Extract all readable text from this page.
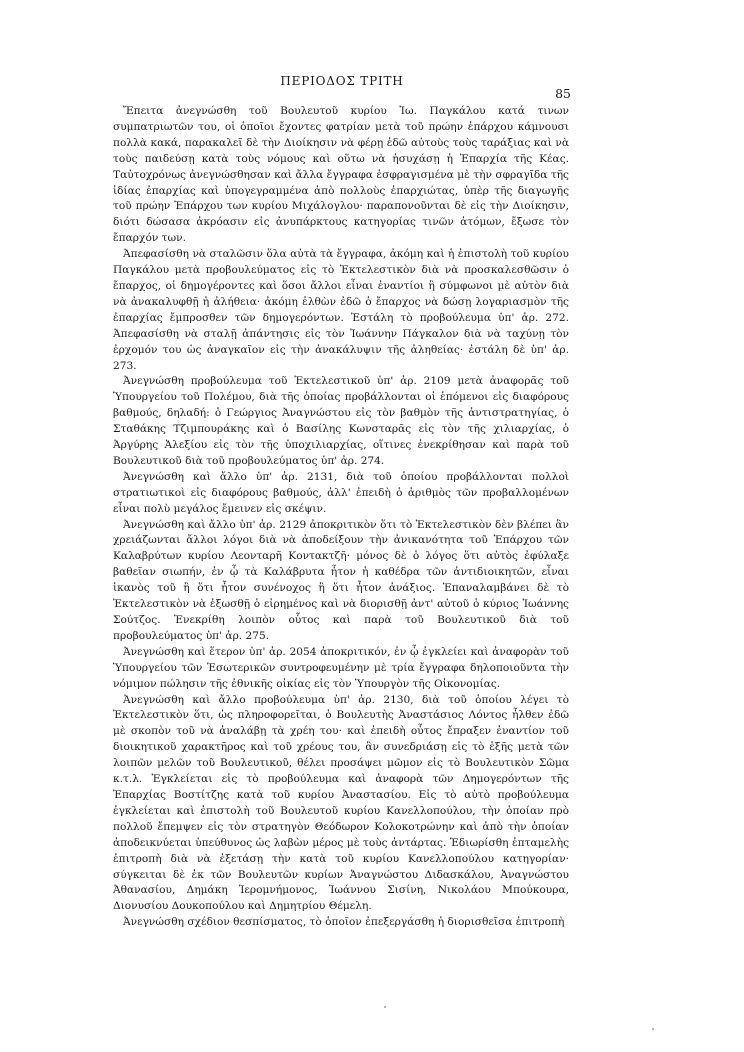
ΠΕΡΙΟΔΟΣ ΤΡΙΤΗ
85

Ἔπειτα ἀνεγνώσθη τοῦ Βουλευτοῦ κυρίου Ἰω. Παγκάλου κατά τινων συμπατριωτῶν του, οἱ ὁποῖοι ἔχοντες φατρίαν μετὰ τοῦ πρώην ἐπάρχου κάμνουσι πολλὰ κακά, παρακαλεῖ δὲ τὴν Διοίκησιν νὰ φέρῃ ἐδῶ αὐτοὺς τοὺς ταράξιας καὶ νὰ τοὺς παιδεύσῃ κατὰ τοὺς νόμους καὶ οὕτω νὰ ἡσυχάσῃ ἡ Ἐπαρχία τῆς Κέας. Ταὐτοχρόνως ἀνεγνώσθησαν καὶ ἄλλα ἔγγραφα ἐσφραγισμένα μὲ τὴν σφραγῖδα τῆς ἰδίας ἐπαρχίας καὶ ὑπογεγραμμένα ἀπὸ πολλοὺς ἐπαρχιώτας, ὑπὲρ τῆς διαγωγῆς τοῦ πρώην Ἐπάρχου των κυρίου Μιχάλογλου· παραπονοῦνται δὲ εἰς τὴν Διοίκησιν, διότι δώσασα ἀκρόασιν εἰς ἀνυπάρκτους κατηγορίας τινῶν ἀτόμων, ἔξωσε τὸν ἔπαρχόν των.

Ἀπεφασίσθη νὰ σταλῶσιν ὅλα αὐτὰ τὰ ἔγγραφα, ἀκόμη καὶ ἡ ἐπιστολὴ τοῦ κυρίου Παγκάλου μετὰ προβουλεύματος εἰς τὸ Ἐκτελεστικὸν διὰ νὰ προσκαλεσθῶσιν ὁ ἔπαρχος, οἱ δημογέροντες καὶ ὅσοι ἄλλοι εἶναι ἐναντίοι ἢ σύμφωνοι μὲ αὐτὸν διὰ νὰ ἀνακαλυφθῇ ἡ ἀλήθεια· ἀκόμη ἐλθὼν ἐδῶ ὁ ἔπαρχος νὰ δώσῃ λογαριασμὸν τῆς ἐπαρχίας ἔμπροσθεν τῶν δημογερόντων. Ἐστάλη τὸ προβούλευμα ὑπ' ἀρ. 272. Ἀπεφασίσθη νὰ σταλῇ ἀπάντησις εἰς τὸν Ἰωάννην Πάγκαλον διὰ νὰ ταχύνῃ τὸν ἐρχομόν του ὡς ἀναγκαῖον εἰς τὴν ἀνακάλυψιν τῆς ἀληθείας· ἐστάλη δὲ ὑπ' ἀρ. 273.

Ἀνεγνώσθη προβούλευμα τοῦ Ἐκτελεστικοῦ ὑπ' ἀρ. 2109 μετὰ ἀναφορᾶς τοῦ Ὑπουργείου τοῦ Πολέμου, διὰ τῆς ὁποίας προβάλλονται οἱ ἑπόμενοι εἰς διαφόρους βαθμούς, δηλαδή: ὁ Γεώργιος Ἀναγνώστου εἰς τὸν βαθμὸν τῆς ἀντιστρατηγίας, ὁ Σταθάκης Τζιμπουράκης καὶ ὁ Βασίλης Κωνσταρᾶς εἰς τὸν τῆς χιλιαρχίας, ὁ Ἀργύρης Ἀλεξίου εἰς τὸν τῆς ὑποχιλιαρχίας, οἵτινες ἐνεκρίθησαν καὶ παρὰ τοῦ Βουλευτικοῦ διὰ τοῦ προβουλεύματος ὑπ' ἀρ. 274.

Ἀνεγνώσθη καὶ ἄλλο ὑπ' ἀρ. 2131, διὰ τοῦ ὁποίου προβάλλονται πολλοὶ στρατιωτικοὶ εἰς διαφόρους βαθμούς, ἀλλ' ἐπειδὴ ὁ ἀριθμὸς τῶν προβαλλομένων εἶναι πολὺ μεγάλος ἔμεινεν εἰς σκέψιν.

Ἀνεγνώσθη καὶ ἄλλο ὑπ' ἀρ. 2129 ἀποκριτικὸν ὅτι τὸ Ἐκτελεστικὸν δὲν βλέπει ἂν χρειάζωνται ἄλλοι λόγοι διὰ νὰ ἀποδείξουν τὴν ἀνικανότητα τοῦ Ἐπάρχου τῶν Καλαβρύτων κυρίου Λεονταρῆ Κοντακτζῆ· μόνος δὲ ὁ λόγος ὅτι αὐτὸς ἐφύλαξε βαθεῖαν σιωπήν, ἐν ᾧ τὰ Καλάβρυτα ἦτον ἡ καθέδρα τῶν ἀντιδιοικητῶν, εἶναι ἱκανὸς τοῦ ἢ ὅτι ἦτον συνένοχος ἢ ὅτι ἦτον ἀνάξιος. Ἐπαναλαμβάνει δὲ τὸ Ἐκτελεστικὸν νὰ ἐξωσθῇ ὁ εἰρημένος καὶ νὰ διορισθῇ ἀντ' αὐτοῦ ὁ κύριος Ἰωάννης Σούτζος. Ἐνεκρίθη λοιπὸν οὗτος καὶ παρὰ τοῦ Βουλευτικοῦ διὰ τοῦ προβουλεύματος ὑπ' ἀρ. 275.

Ἀνεγνώσθη καὶ ἕτερον ὑπ' ἀρ. 2054 ἀποκριτικόν, ἐν ᾧ ἐγκλείει καὶ ἀναφορὰν τοῦ Ὑπουργείου τῶν Ἐσωτερικῶν συντροφευμένην μὲ τρία ἔγγραφα δηλοποιοῦντα τὴν νόμιμον πώλησιν τῆς ἐθνικῆς οἰκίας εἰς τὸν Ὑπουργὸν τῆς Οἰκονομίας.

Ἀνεγνώσθη καὶ ἄλλο προβούλευμα ὑπ' ἀρ. 2130, διὰ τοῦ ὁποίου λέγει τὸ Ἐκτελεστικὸν ὅτι, ὡς πληροφορεῖται, ὁ Βουλευτὴς Ἀναστάσιος Λόντος ἦλθεν ἐδῶ μὲ σκοπὸν τοῦ νὰ ἀναλάβῃ τὰ χρέη του· καὶ ἐπειδὴ οὗτος ἔπραξεν ἐναντίον τοῦ διοικητικοῦ χαρακτῆρος καὶ τοῦ χρέους του, ἂν συνεδριάσῃ εἰς τὸ ἑξῆς μετὰ τῶν λοιπῶν μελῶν τοῦ Βουλευτικοῦ, θέλει προσάψει μῶμον εἰς τὸ Βουλευτικὸν Σῶμα κ.τ.λ. Ἐγκλείεται εἰς τὸ προβούλευμα καὶ ἀναφορὰ τῶν Δημογερόντων τῆς Ἐπαρχίας Βοστίτζης κατὰ τοῦ κυρίου Ἀναστασίου. Εἰς τὸ αὐτὸ προβούλευμα ἐγκλείεται καὶ ἐπιστολὴ τοῦ Βουλευτοῦ κυρίου Κανελλοπούλου, τὴν ὁποίαν πρὸ πολλοῦ ἔπεμψεν εἰς τὸν στρατηγὸν Θεόδωρον Κολοκοτρώνην καὶ ἀπὸ τὴν ὁποίαν ἀποδεικνύεται ὑπεύθυνος ὡς λαβὼν μέρος μὲ τοὺς ἀντάρτας. Ἐδιωρίσθη ἐπταμελὴς ἐπιτροπὴ διὰ νὰ ἐξετάσῃ τὴν κατὰ τοῦ κυρίου Κανελλοπούλου κατηγορίαν· σύγκειται δὲ ἐκ τῶν Βουλευτῶν κυρίων Ἀναγνώστου Διδασκάλου, Ἀναγνώστου Ἀθανασίου, Δημάκη Ἱερομνήμονος, Ἰωάννου Σισίνη, Νικολάου Μπούκουρα, Διονυσίου Δουκοπούλου καὶ Δημητρίου Θέμελη.

Ἀνεγνώσθη σχέδιον θεσπίσματος, τὸ ὁποῖον ἐπεξεργάσθη ἡ διορισθεῖσα ἐπιτροπὴ
